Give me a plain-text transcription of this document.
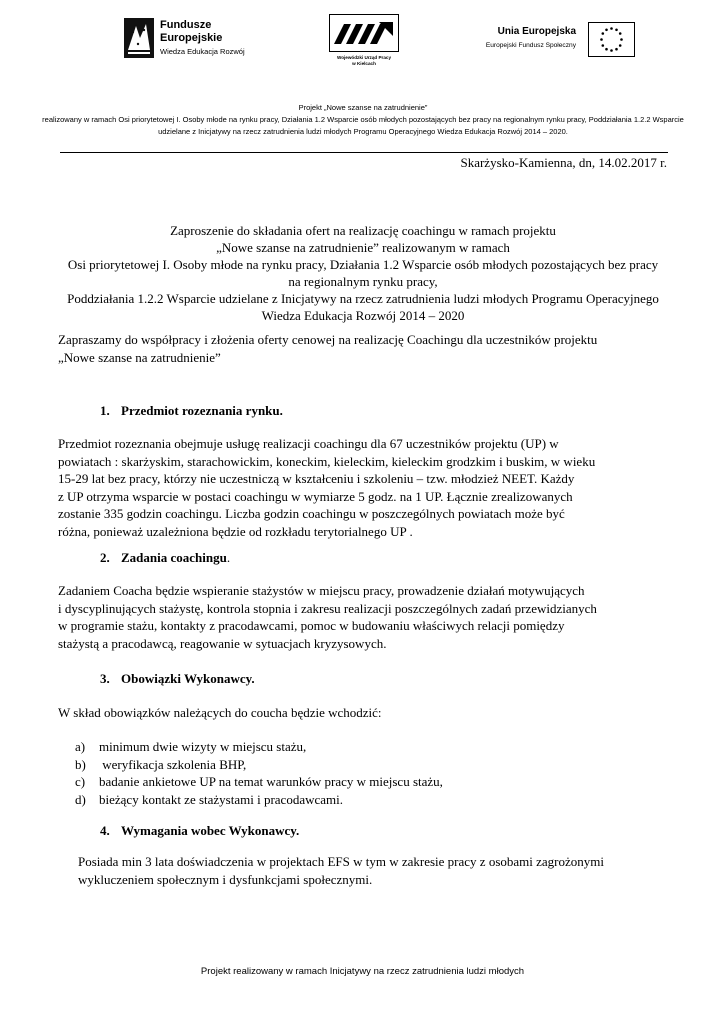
Fundusze
Europejskie
Wiedza Edukacja Rozwój
Wojewódzki Urząd Pracy
w Kielcach
Unia Europejska
Europejski Fundusz Społeczny
Projekt „Nowe szanse na zatrudnienie”
realizowany w ramach Osi priorytetowej I. Osoby młode na rynku pracy, Działania 1.2 Wsparcie osób młodych pozostających bez pracy na regionalnym rynku pracy, Poddziałania 1.2.2 Wsparcie udzielane z Inicjatywy na rzecz zatrudnienia ludzi młodych Programu Operacyjnego Wiedza Edukacja Rozwój 2014 – 2020.
Skarżysko-Kamienna, dn, 14.02.2017 r.
Zaproszenie do składania ofert na realizację coachingu w ramach projektu
„Nowe szanse na zatrudnienie” realizowanym w ramach
Osi priorytetowej I. Osoby młode na rynku pracy, Działania 1.2 Wsparcie osób młodych pozostających bez pracy
na regionalnym rynku pracy,
Poddziałania 1.2.2 Wsparcie udzielane z Inicjatywy na rzecz zatrudnienia ludzi młodych Programu Operacyjnego
Wiedza Edukacja Rozwój 2014 – 2020
Zapraszamy do współpracy i złożenia oferty cenowej na realizację Coachingu dla uczestników projektu
„Nowe szanse na zatrudnienie”
1. Przedmiot rozeznania rynku.
Przedmiot rozeznania obejmuje usługę realizacji coachingu dla 67 uczestników projektu (UP) w
powiatach : skarżyskim, starachowickim, koneckim, kieleckim, kieleckim grodzkim i buskim, w wieku
15-29 lat bez pracy, którzy nie uczestniczą w kształceniu i szkoleniu – tzw. młodzież NEET. Każdy
z UP otrzyma wsparcie w postaci coachingu w wymiarze 5 godz. na 1 UP. Łącznie zrealizowanych
zostanie 335 godzin coachingu. Liczba godzin coachingu w poszczególnych powiatach może być
różna, ponieważ uzależniona będzie od rozkładu terytorialnego UP .
2. Zadania coachingu.
Zadaniem Coacha będzie wspieranie stażystów w miejscu pracy, prowadzenie działań motywujących
i dyscyplinujących stażystę, kontrola stopnia i zakresu realizacji poszczególnych zadań przewidzianych
w programie stażu, kontakty z pracodawcami, pomoc w budowaniu właściwych relacji pomiędzy
stażystą a pracodawcą, reagowanie w sytuacjach kryzysowych.
3. Obowiązki Wykonawcy.
W skład obowiązków należących do coucha będzie wchodzić:
a) minimum dwie wizyty w miejscu stażu,
b) weryfikacja szkolenia BHP,
c) badanie ankietowe UP na temat warunków pracy w miejscu stażu,
d) bieżący kontakt ze stażystami i pracodawcami.
4. Wymagania wobec Wykonawcy.
Posiada min 3 lata doświadczenia w projektach EFS w tym w zakresie pracy z osobami zagrożonymi
wykluczeniem społecznym i dysfunkcjami społecznymi.
Projekt realizowany w ramach Inicjatywy na rzecz zatrudnienia ludzi młodych
